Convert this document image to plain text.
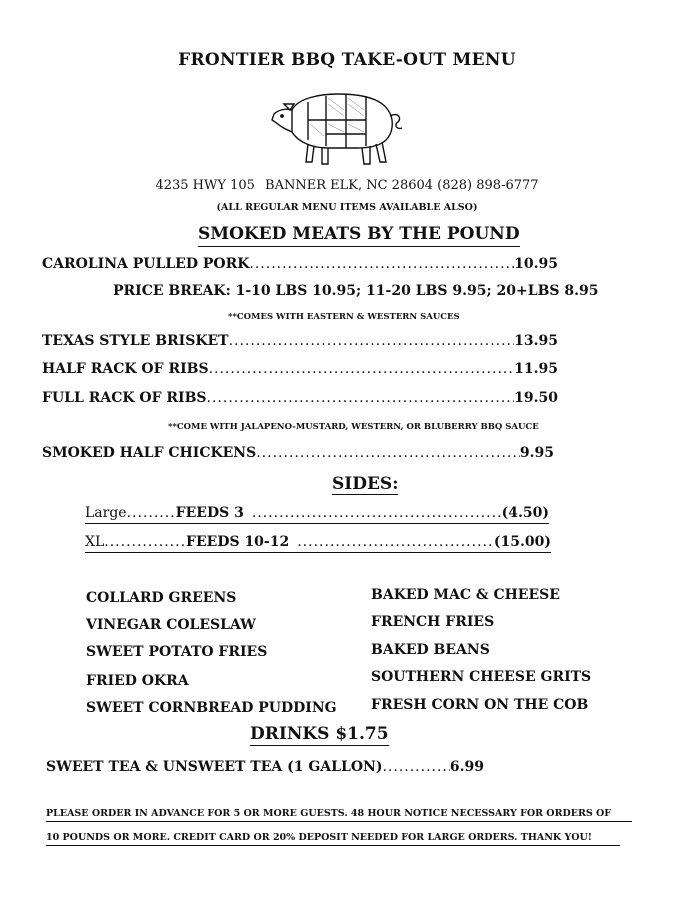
FRONTIER BBQ TAKE-OUT MENU
4235 HWY 105 BANNER ELK, NC 28604 (828) 898-6777
(ALL REGULAR MENU ITEMS AVAILABLE ALSO)
SMOKED MEATS BY THE POUND
CAROLINA PULLED PORK .....	10.95
PRICE BREAK: 1-10 LBS 10.95; 11-20 LBS 9.95; 20+LBS 8.95
**COMES WITH EASTERN & WESTERN SAUCES
TEXAS STYLE BRISKET .....	13.95
HALF RACK OF RIBS .....	11.95
FULL RACK OF RIBS .....	19.50
**COME WITH JALAPENO-MUSTARD, WESTERN, OR BLUBERRY BBQ SAUCE
SMOKED HALF CHICKENS .....	9.95
SIDES:
Large ......... FEEDS 3 .....	(4.50)
XL ............... FEEDS 10-12 .....	(15.00)
COLLARD GREENS
VINEGAR COLESLAW
SWEET POTATO FRIES
FRIED OKRA
SWEET CORNBREAD PUDDING
BAKED MAC & CHEESE
FRENCH FRIES
BAKED BEANS
SOUTHERN CHEESE GRITS
FRESH CORN ON THE COB
DRINKS $1.75
SWEET TEA & UNSWEET TEA (1 GALLON) .....	6.99
PLEASE ORDER IN ADVANCE FOR 5 OR MORE GUESTS. 48 HOUR NOTICE NECESSARY FOR ORDERS OF
10 POUNDS OR MORE. CREDIT CARD OR 20% DEPOSIT NEEDED FOR LARGE ORDERS. THANK YOU!
